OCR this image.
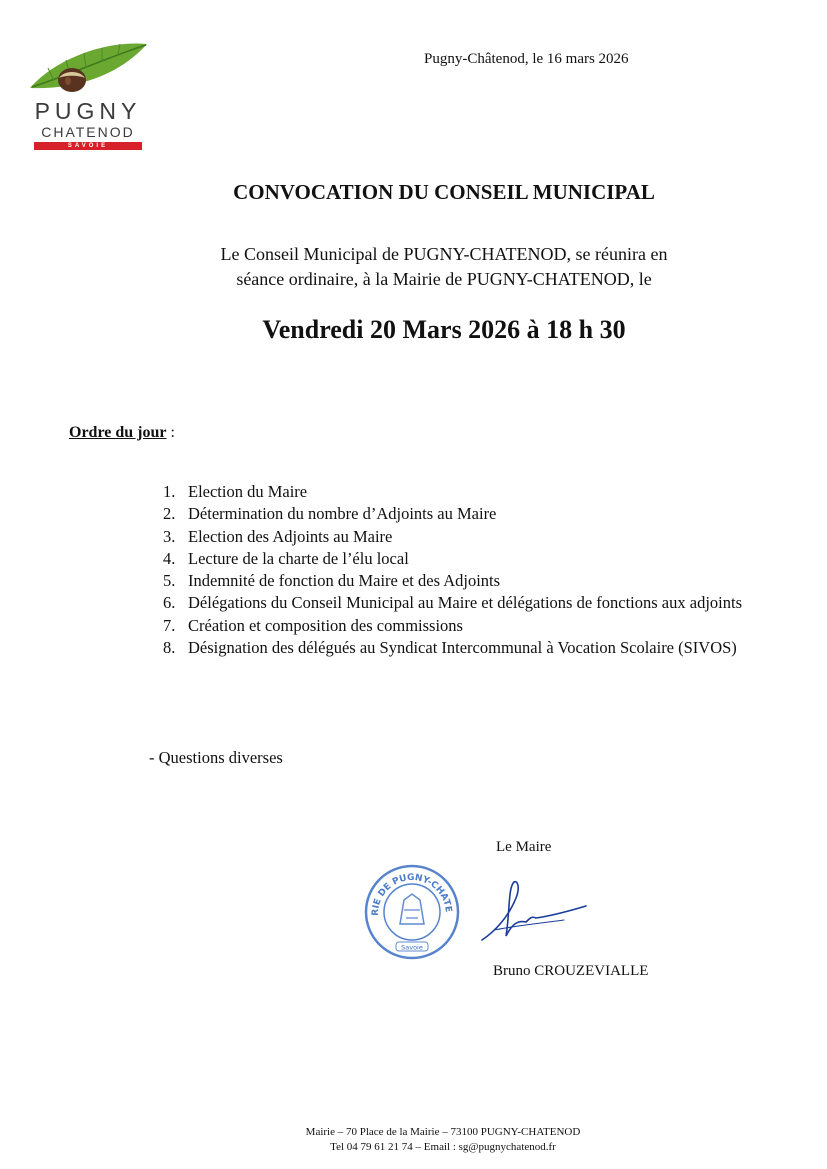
PUGNY
CHATENOD
SAVOIE
Pugny-Châtenod, le 16 mars 2026
CONVOCATION DU CONSEIL MUNICIPAL
Le Conseil Municipal de PUGNY-CHATENOD, se réunira en
séance ordinaire, à la Mairie de PUGNY-CHATENOD, le
Vendredi 20 Mars 2026 à 18 h 30
Ordre du jour :
1. Election du Maire
2. Détermination du nombre d’Adjoints au Maire
3. Election des Adjoints au Maire
4. Lecture de la charte de l’élu local
5. Indemnité de fonction du Maire et des Adjoints
6. Délégations du Conseil Municipal au Maire et délégations de fonctions aux adjoints
7. Création et composition des commissions
8. Désignation des délégués au Syndicat Intercommunal à Vocation Scolaire (SIVOS)
- Questions diverses
Le Maire
RIE DE PUGNY-CHATE
Savoie
Bruno CROUZEVIALLE
Mairie – 70 Place de la Mairie – 73100 PUGNY-CHATENOD
Tel 04 79 61 21 74 – Email : sg@pugnychatenod.fr
